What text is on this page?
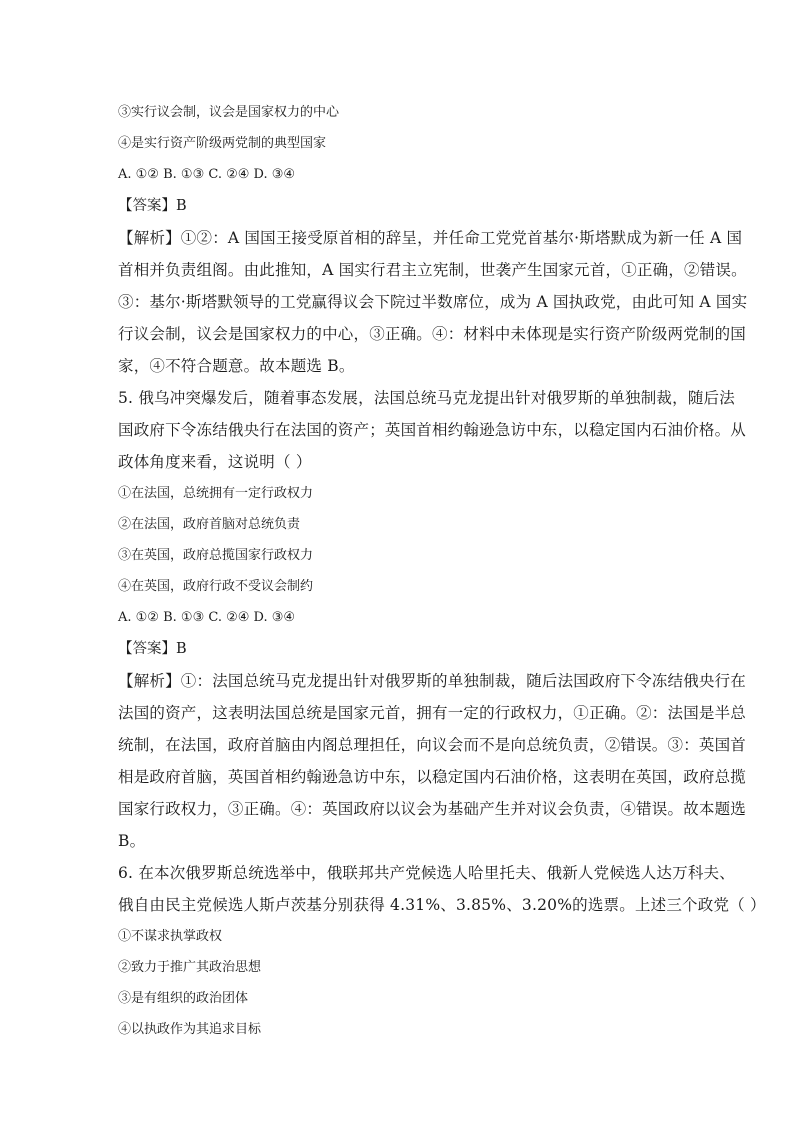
③实行议会制，议会是国家权力的中心
④是实行资产阶级两党制的典型国家
A. ①② B. ①③ C. ②④ D. ③④
【答案】B
【解析】①②：A 国国王接受原首相的辞呈，并任命工党党首基尔·斯塔默成为新一任 A 国
首相并负责组阁。由此推知，A 国实行君主立宪制，世袭产生国家元首，①正确，②错误。
③：基尔·斯塔默领导的工党赢得议会下院过半数席位，成为 A 国执政党，由此可知 A 国实
行议会制，议会是国家权力的中心，③正确。④：材料中未体现是实行资产阶级两党制的国
家，④不符合题意。故本题选 B。
5. 俄乌冲突爆发后，随着事态发展，法国总统马克龙提出针对俄罗斯的单独制裁，随后法
国政府下令冻结俄央行在法国的资产；英国首相约翰逊急访中东，以稳定国内石油价格。从
政体角度来看，这说明（ ）
①在法国，总统拥有一定行政权力
②在法国，政府首脑对总统负责
③在英国，政府总揽国家行政权力
④在英国，政府行政不受议会制约
A. ①② B. ①③ C. ②④ D. ③④
【答案】B
【解析】①：法国总统马克龙提出针对俄罗斯的单独制裁，随后法国政府下令冻结俄央行在
法国的资产，这表明法国总统是国家元首，拥有一定的行政权力，①正确。②：法国是半总
统制，在法国，政府首脑由内阁总理担任，向议会而不是向总统负责，②错误。③：英国首
相是政府首脑，英国首相约翰逊急访中东，以稳定国内石油价格，这表明在英国，政府总揽
国家行政权力，③正确。④：英国政府以议会为基础产生并对议会负责，④错误。故本题选
B。
6. 在本次俄罗斯总统选举中，俄联邦共产党候选人哈里托夫、俄新人党候选人达万科夫、
俄自由民主党候选人斯卢茨基分别获得 4.31%、3.85%、3.20%的选票。上述三个政党（ ）
①不谋求执掌政权
②致力于推广其政治思想
③是有组织的政治团体
④以执政作为其追求目标
